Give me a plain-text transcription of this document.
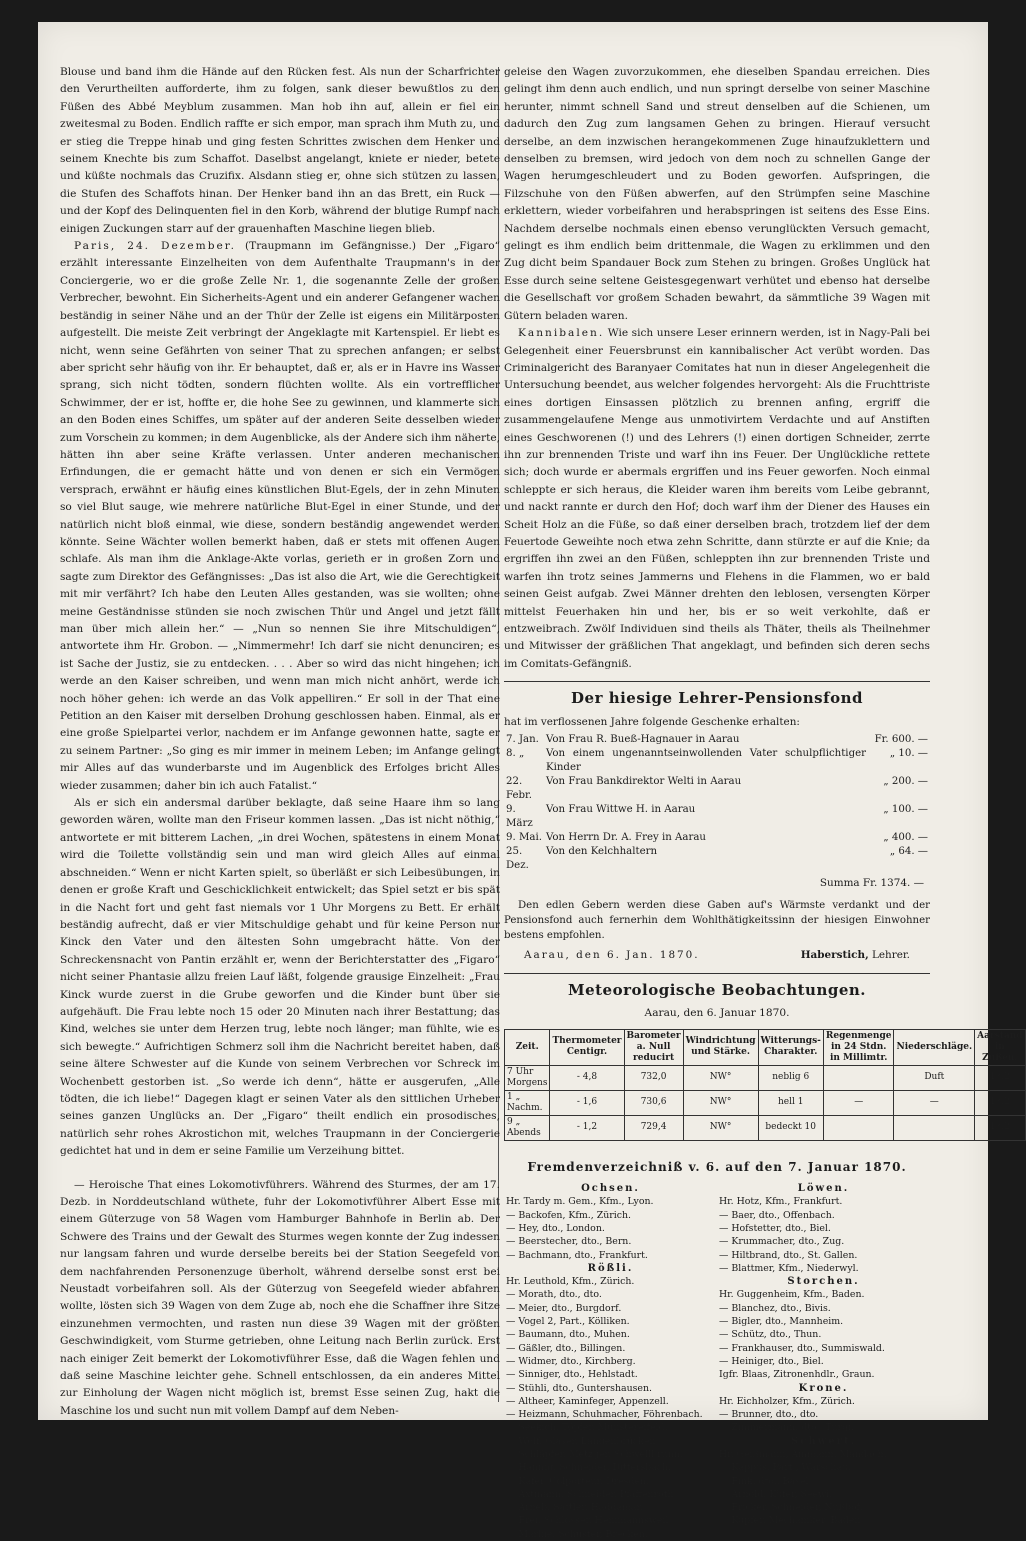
Blouse und band ihm die Hände auf den Rücken fest. Als nun der Scharfrichter den Verurtheilten aufforderte, ihm zu folgen, sank dieser bewußtlos zu den Füßen des Abbé Meyblum zusammen. Man hob ihn auf, allein er fiel ein zweitesmal zu Boden. Endlich raffte er sich empor, man sprach ihm Muth zu, und er stieg die Treppe hinab und ging festen Schrittes zwischen dem Henker und seinem Knechte bis zum Schaffot. Daselbst angelangt, kniete er nieder, betete und küßte nochmals das Cruzifix. Alsdann stieg er, ohne sich stützen zu lassen, die Stufen des Schaffots hinan. Der Henker band ihn an das Brett, ein Ruck — und der Kopf des Delinquenten fiel in den Korb, während der blutige Rumpf nach einigen Zuckungen starr auf der grauenhaften Maschine liegen blieb.

Paris, 24. Dezember. (Traupmann im Gefängnisse.) Der „Figaro“ erzählt interessante Einzelheiten von dem Aufenthalte Traupmann's in der Conciergerie, wo er die große Zelle Nr. 1, die sogenannte Zelle der großen Verbrecher, bewohnt. Ein Sicherheits-Agent und ein anderer Gefangener wachen beständig in seiner Nähe und an der Thür der Zelle ist eigens ein Militärposten aufgestellt. Die meiste Zeit verbringt der Angeklagte mit Kartenspiel. Er liebt es nicht, wenn seine Gefährten von seiner That zu sprechen anfangen; er selbst aber spricht sehr häufig von ihr. Er behauptet, daß er, als er in Havre ins Wasser sprang, sich nicht tödten, sondern flüchten wollte. Als ein vortrefflicher Schwimmer, der er ist, hoffte er, die hohe See zu gewinnen, und klammerte sich an den Boden eines Schiffes, um später auf der anderen Seite desselben wieder zum Vorschein zu kommen; in dem Augenblicke, als der Andere sich ihm näherte, hätten ihn aber seine Kräfte verlassen. Unter anderen mechanischen Erfindungen, die er gemacht hätte und von denen er sich ein Vermögen versprach, erwähnt er häufig eines künstlichen Blut-Egels, der in zehn Minuten so viel Blut sauge, wie mehrere natürliche Blut-Egel in einer Stunde, und der natürlich nicht bloß einmal, wie diese, sondern beständig angewendet werden könnte. Seine Wächter wollen bemerkt haben, daß er stets mit offenen Augen schlafe. Als man ihm die Anklage-Akte vorlas, gerieth er in großen Zorn und sagte zum Direktor des Gefängnisses: „Das ist also die Art, wie die Gerechtigkeit mit mir verfährt? Ich habe den Leuten Alles gestanden, was sie wollten; ohne meine Geständnisse stünden sie noch zwischen Thür und Angel und jetzt fällt man über mich allein her.“ — „Nun so nennen Sie ihre Mitschuldigen“, antwortete ihm Hr. Grobon. — „Nimmermehr! Ich darf sie nicht denunciren; es ist Sache der Justiz, sie zu entdecken. . . . Aber so wird das nicht hingehen; ich werde an den Kaiser schreiben, und wenn man mich nicht anhört, werde ich noch höher gehen: ich werde an das Volk appelliren.“ Er soll in der That eine Petition an den Kaiser mit derselben Drohung geschlossen haben. Einmal, als er eine große Spielpartei verlor, nachdem er im Anfange gewonnen hatte, sagte er zu seinem Partner: „So ging es mir immer in meinem Leben; im Anfange gelingt mir Alles auf das wunderbarste und im Augenblick des Erfolges bricht Alles wieder zusammen; daher bin ich auch Fatalist.“

Als er sich ein andersmal darüber beklagte, daß seine Haare ihm so lang geworden wären, wollte man den Friseur kommen lassen. „Das ist nicht nöthig,“ antwortete er mit bitterem Lachen, „in drei Wochen, spätestens in einem Monat wird die Toilette vollständig sein und man wird gleich Alles auf einmal abschneiden.“ Wenn er nicht Karten spielt, so überläßt er sich Leibesübungen, in denen er große Kraft und Geschicklichkeit entwickelt; das Spiel setzt er bis spät in die Nacht fort und geht fast niemals vor 1 Uhr Morgens zu Bett. Er erhält beständig aufrecht, daß er vier Mitschuldige gehabt und für keine Person nur Kinck den Vater und den ältesten Sohn umgebracht hätte. Von der Schreckensnacht von Pantin erzählt er, wenn der Berichterstatter des „Figaro“ nicht seiner Phantasie allzu freien Lauf läßt, folgende grausige Einzelheit: „Frau Kinck wurde zuerst in die Grube geworfen und die Kinder bunt über sie aufgehäuft. Die Frau lebte noch 15 oder 20 Minuten nach ihrer Bestattung; das Kind, welches sie unter dem Herzen trug, lebte noch länger; man fühlte, wie es sich bewegte.“ Aufrichtigen Schmerz soll ihm die Nachricht bereitet haben, daß seine ältere Schwester auf die Kunde von seinem Verbrechen vor Schreck im Wochenbett gestorben ist. „So werde ich denn“, hätte er ausgerufen, „Alle tödten, die ich liebe!“ Dagegen klagt er seinen Vater als den sittlichen Urheber seines ganzen Unglücks an. Der „Figaro“ theilt endlich ein prosodisches, natürlich sehr rohes Akrostichon mit, welches Traupmann in der Conciergerie gedichtet hat und in dem er seine Familie um Verzeihung bittet.

— Heroische That eines Lokomotivführers. Während des Sturmes, der am 17. Dezb. in Norddeutschland wüthete, fuhr der Lokomotivführer Albert Esse mit einem Güterzuge von 58 Wagen vom Hamburger Bahnhofe in Berlin ab. Der Schwere des Trains und der Gewalt des Sturmes wegen konnte der Zug indessen nur langsam fahren und wurde derselbe bereits bei der Station Seegefeld von dem nachfahrenden Personenzuge überholt, während derselbe sonst erst bei Neustadt vorbeifahren soll. Als der Güterzug von Seegefeld wieder abfahren wollte, lösten sich 39 Wagen von dem Zuge ab, noch ehe die Schaffner ihre Sitze einzunehmen vermochten, und rasten nun diese 39 Wagen mit der größten Geschwindigkeit, vom Sturme getrieben, ohne Leitung nach Berlin zurück. Erst nach einiger Zeit bemerkt der Lokomotivführer Esse, daß die Wagen fehlen und daß seine Maschine leichter gehe. Schnell entschlossen, da ein anderes Mittel zur Einholung der Wagen nicht möglich ist, bremst Esse seinen Zug, hakt die Maschine los und sucht nun mit vollem Dampf auf dem Neben-

geleise den Wagen zuvorzukommen, ehe dieselben Spandau erreichen. Dies gelingt ihm denn auch endlich, und nun springt derselbe von seiner Maschine herunter, nimmt schnell Sand und streut denselben auf die Schienen, um dadurch den Zug zum langsamen Gehen zu bringen. Hierauf versucht derselbe, an dem inzwischen herangekommenen Zuge hinaufzuklettern und denselben zu bremsen, wird jedoch von dem noch zu schnellen Gange der Wagen herumgeschleudert und zu Boden geworfen. Aufspringen, die Filzschuhe von den Füßen abwerfen, auf den Strümpfen seine Maschine erklettern, wieder vorbeifahren und herabspringen ist seitens des Esse Eins. Nachdem derselbe nochmals einen ebenso verunglückten Versuch gemacht, gelingt es ihm endlich beim drittenmale, die Wagen zu erklimmen und den Zug dicht beim Spandauer Bock zum Stehen zu bringen. Großes Unglück hat Esse durch seine seltene Geistesgegenwart verhütet und ebenso hat derselbe die Gesellschaft vor großem Schaden bewahrt, da sämmtliche 39 Wagen mit Gütern beladen waren.

Kannibalen. Wie sich unsere Leser erinnern werden, ist in Nagy-Pali bei Gelegenheit einer Feuersbrunst ein kannibalischer Act verübt worden. Das Criminalgericht des Baranyaer Comitates hat nun in dieser Angelegenheit die Untersuchung beendet, aus welcher folgendes hervorgeht: Als die Fruchttriste eines dortigen Einsassen plötzlich zu brennen anfing, ergriff die zusammengelaufene Menge aus unmotivirtem Verdachte und auf Anstiften eines Geschworenen (!) und des Lehrers (!) einen dortigen Schneider, zerrte ihn zur brennenden Triste und warf ihn ins Feuer. Der Unglückliche rettete sich; doch wurde er abermals ergriffen und ins Feuer geworfen. Noch einmal schleppte er sich heraus, die Kleider waren ihm bereits vom Leibe gebrannt, und nackt rannte er durch den Hof; doch warf ihm der Diener des Hauses ein Scheit Holz an die Füße, so daß einer derselben brach, trotzdem lief der dem Feuertode Geweihte noch etwa zehn Schritte, dann stürzte er auf die Knie; da ergriffen ihn zwei an den Füßen, schleppten ihn zur brennenden Triste und warfen ihn trotz seines Jammerns und Flehens in die Flammen, wo er bald seinen Geist aufgab. Zwei Männer drehten den leblosen, versengten Körper mittelst Feuerhaken hin und her, bis er so weit verkohlte, daß er entzweibrach. Zwölf Individuen sind theils als Thäter, theils als Theilnehmer und Mitwisser der gräßlichen That angeklagt, und befinden sich deren sechs im Comitats-Gefängniß.

Der hiesige Lehrer-Pensionsfond

hat im verflossenen Jahre folgende Geschenke erhalten:

7. Jan.	Von Frau R. Bueß-Hagnauer in Aarau	Fr. 600. —
8. „	Von einem ungenanntseinwollenden Vater schulpflichtiger Kinder	„ 10. —
22. Febr.	Von Frau Bankdirektor Welti in Aarau	„ 200. —
9. März	Von Frau Wittwe H. in Aarau	„ 100. —
9. Mai.	Von Herrn Dr. A. Frey in Aarau	„ 400. —
25. Dez.	Von den Kelchhaltern	„ 64. —
Summa Fr. 1374. —

Den edlen Gebern werden diese Gaben auf's Wärmste verdankt und der Pensionsfond auch fernerhin dem Wohlthätigkeitssinn der hiesigen Einwohner bestens empfohlen.

Aarau, den 6. Jan. 1870.	Haberstich, Lehrer.
Meteorologische Beobachtungen.

Aarau, den 6. Januar 1870.

Zeit.	Thermometer Centigr.	Barometer a. Null reducirt	Windrichtung und Stärke.	Witterungs-Charakter.	Regenmenge in 24 Stdn. in Millimtr.	Niederschläge.	Aarstand in Zußen.
7 Uhr Morgens	- 4,8	732,0	NW°	neblig 6		Duft	13,2
1 „ Nachm.	- 1,6	730,6	NW°	hell 1	—	—	13,2
9 „ Abends	- 1,2	729,4	NW°	bedeckt 10			13,2
Fremdenverzeichniß v. 6. auf den 7. Januar 1870.
Ochsen.
Hr. Tardy m. Gem., Kfm., Lyon.
— Backofen, Kfm., Zürich.
— Hey, dto., London.
— Beerstecher, dto., Bern.
— Bachmann, dto., Frankfurt.
Rößli.
Hr. Leuthold, Kfm., Zürich.
— Morath, dto., dto.
— Meier, dto., Burgdorf.
— Vogel 2, Part., Kölliken.
— Baumann, dto., Muhen.
— Gäßler, dto., Billingen.
— Widmer, dto., Kirchberg.
— Sinniger, dto., Hehlstadt.
— Stühli, dto., Guntershausen.
— Altheer, Kaminfeger, Appenzell.
— Heizmann, Schuhmacher, Föhrenbach.
— Seekich, Töpfer, Münstereifeld.
— Wolf, Glaser, Langenbrücken.
— Schläpfer, Metzger, Schwellbrunn.
— Hännig, Schneider, Dittersbach.
— Käfer, Colporteur, Dresden.
— Axtmann, Schneider, Pfaffenroth.
— Arneb, Sattler, Haddamar.
— Frei, Schlosser, Hemmannsweil.
— Markie, Schuster, Brecken.
Löwen.
Hr. Hotz, Kfm., Frankfurt.
— Baer, dto., Offenbach.
— Hofstetter, dto., Biel.
— Krummacher, dto., Zug.
— Hiltbrand, dto., St. Gallen.
— Blattmer, Kfm., Niederwyl.
Storchen.
Hr. Guggenheim, Kfm., Baden.
— Blanchez, dto., Bivis.
— Bigler, dto., Mannheim.
— Schütz, dto., Thun.
— Frankhauser, dto., Summiswald.
— Heiniger, dto., Biel.
Igfr. Blaas, Zitronenhdlr., Graun.
Krone.
Hr. Eichholzer, Kfm., Zürich.
— Brunner, dto., dto.
— Zimmermann, dto., Turgi.
Schwert.
Hr. Geißmann, Ammann, Mandach.
— Kappus, Part., Warschau.
— Fink, dto., Basel.
— Arnold, Küfer, Seewi.
— Fricker, Schneider, Nußbof.
— Kupfer, Mechaniker, Baden.
